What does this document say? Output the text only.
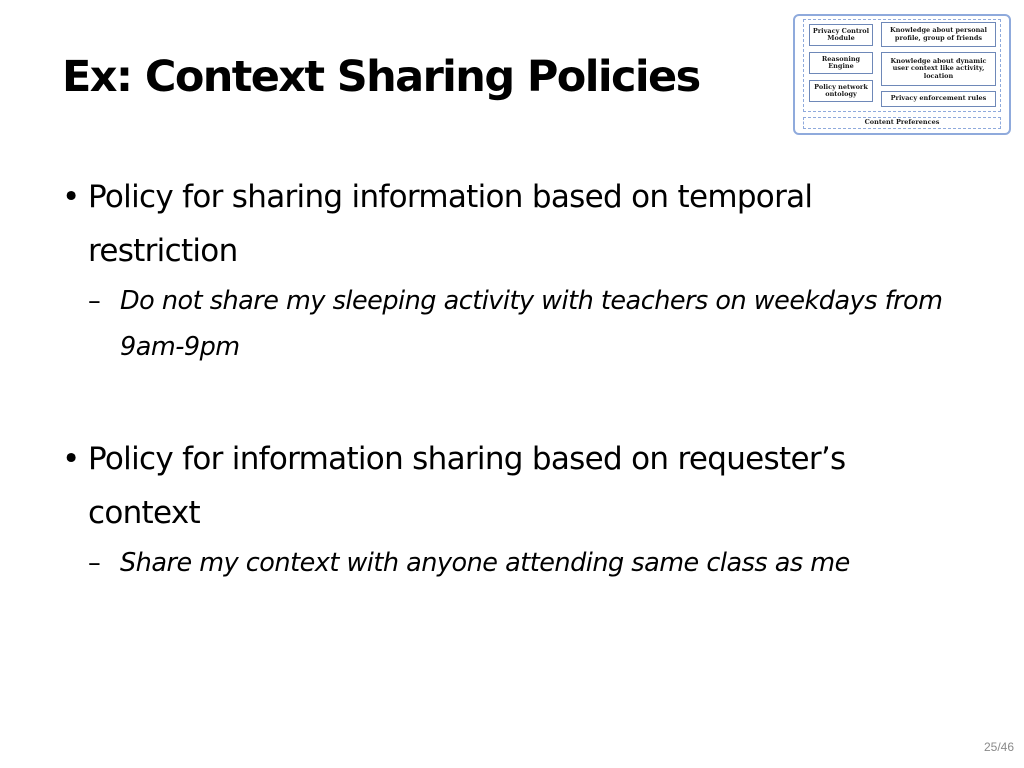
Ex: Context Sharing Policies
Privacy Control Module
Reasoning Engine
Policy network ontology
Knowledge about personal profile, group of friends
Knowledge about dynamic user context like activity, location
Privacy enforcement rules
Content Preferences
• Policy for sharing information based on temporal restriction
– Do not share my sleeping activity with teachers on weekdays from 9am-9pm
• Policy for information sharing based on requester’s context
– Share my context with anyone attending same class as me
25/46
